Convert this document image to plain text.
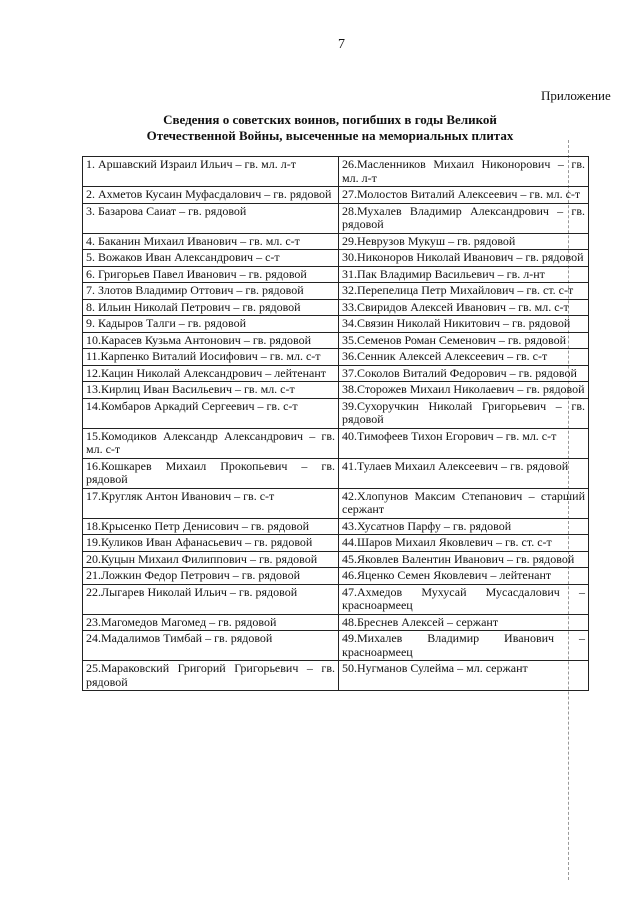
7
Приложение
Сведения о советских воинов, погибших в годы Великой
Отечественной Войны, высеченные на мемориальных плитах
1. Аршавский Израил Ильич – гв. мл. л-т	26.Масленников Михаил Никонорович – гв. мл. л-т
2. Ахметов Кусаин Муфасдалович – гв. рядовой	27.Молостов Виталий Алексеевич – гв. мл. с-т
3. Базарова Саиат – гв. рядовой	28.Мухалев Владимир Александрович – гв. рядовой
4. Баканин Михаил Иванович – гв. мл. с-т	29.Неврузов Мукуш – гв. рядовой
5. Вожаков Иван Александрович – с-т	30.Никоноров Николай Иванович – гв. рядовой
6. Григорьев Павел Иванович – гв. рядовой	31.Пак Владимир Васильевич – гв. л-нт
7. Злотов Владимир Оттович – гв. рядовой	32.Перепелица Петр Михайлович – гв. ст. с-т
8. Ильин Николай Петрович – гв. рядовой	33.Свиридов Алексей Иванович – гв. мл. с-т
9. Кадыров Талги – гв. рядовой	34.Связин Николай Никитович – гв. рядовой
10.Карасев Кузьма Антонович – гв. рядовой	35.Семенов Роман Семенович – гв. рядовой
11.Карпенко Виталий Иосифович – гв. мл. с-т	36.Сенник Алексей Алексеевич – гв. с-т
12.Кацин Николай Александрович – лейтенант	37.Соколов Виталий Федорович – гв. рядовой
13.Кирлиц Иван Васильевич – гв. мл. с-т	38.Сторожев Михаил Николаевич – гв. рядовой
14.Комбаров Аркадий Сергеевич – гв. с-т	39.Сухоручкин Николай Григорьевич – гв. рядовой
15.Комодиков Александр Александрович – гв. мл. с-т	40.Тимофеев Тихон Егорович – гв. мл. с-т
16.Кошкарев Михаил Прокопьевич – гв. рядовой	41.Тулаев Михаил Алексеевич – гв. рядовой
17.Кругляк Антон Иванович – гв. с-т	42.Хлопунов Максим Степанович – старший сержант
18.Крысенко Петр Денисович – гв. рядовой	43.Хусатнов Парфу – гв. рядовой
19.Куликов Иван Афанасьевич – гв. рядовой	44.Шаров Михаил Яковлевич – гв. ст. с-т
20.Куцын Михаил Филиппович – гв. рядовой	45.Яковлев Валентин Иванович – гв. рядовой
21.Ложкин Федор Петрович – гв. рядовой	46.Яценко Семен Яковлевич – лейтенант
22.Лыгарев Николай Ильич – гв. рядовой	47.Ахмедов Мухусай Мусасдалович – красноармеец
23.Магомедов Магомед – гв. рядовой	48.Бреснев Алексей – сержант
24.Мадалимов Тимбай – гв. рядовой	49.Михалев Владимир Иванович – красноармеец
25.Мараковский Григорий Григорьевич – гв. рядовой	50.Нугманов Сулейма – мл. сержант
